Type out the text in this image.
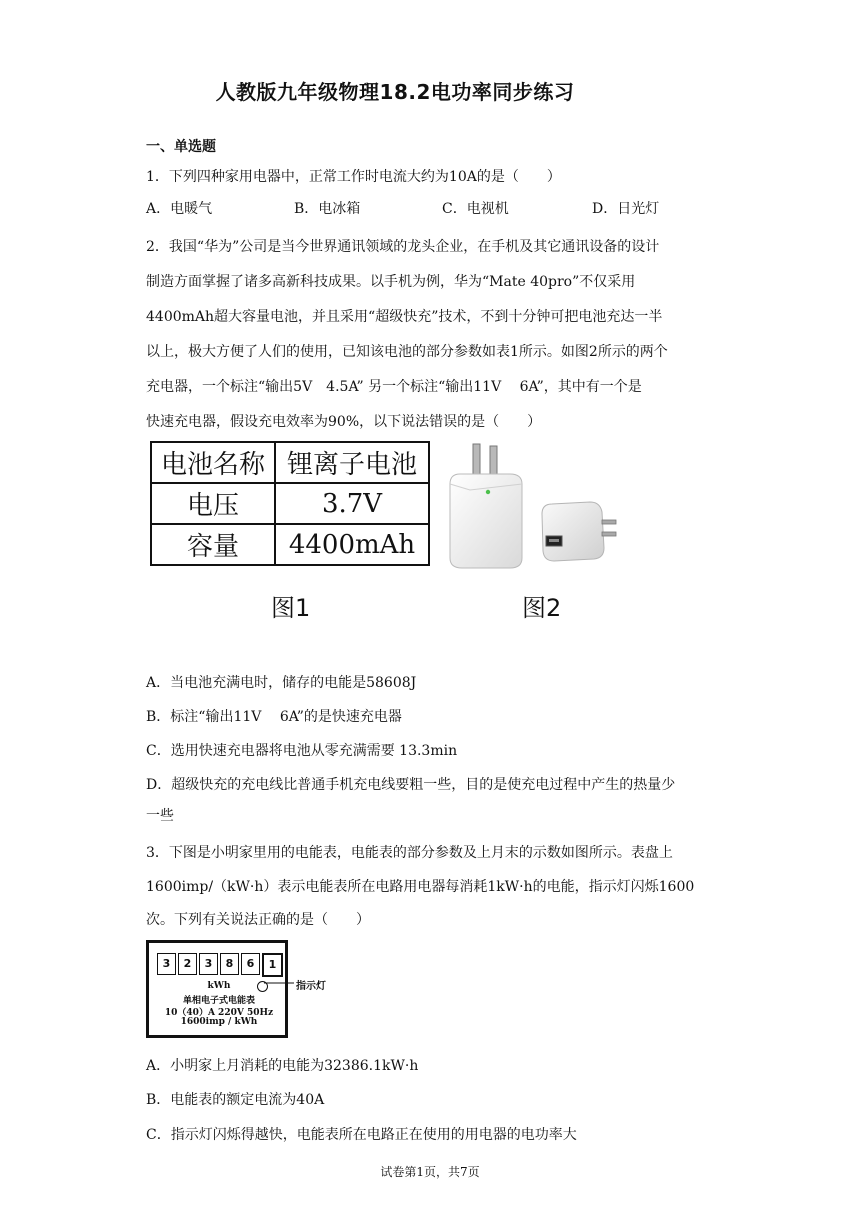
人教版九年级物理18.2电功率同步练习
一、单选题
1．下列四种家用电器中，正常工作时电流大约为10A的是（　　）
A．电暖气	B．电冰箱	C．电视机	D．日光灯
2．我国“华为”公司是当今世界通讯领域的龙头企业，在手机及其它通讯设备的设计
制造方面掌握了诸多高新科技成果。以手机为例，华为“Mate 40pro”不仅采用
4400mAh超大容量电池，并且采用“超级快充”技术，不到十分钟可把电池充达一半
以上，极大方便了人们的使用，已知该电池的部分参数如表1所示。如图2所示的两个
充电器，一个标注“输出5V　4.5A” 另一个标注“输出11V　 6A”，其中有一个是
快速充电器，假设充电效率为90%，以下说法错误的是（　　）
电池名称	锂离子电池
电压	3.7V
容量	4400mAh
图1	图2
A．当电池充满电时，储存的电能是58608J
B．标注“输出11V　 6A”的是快速充电器
C．选用快速充电器将电池从零充满需要 13.3min
D．超级快充的充电线比普通手机充电线要粗一些，目的是使充电过程中产生的热量少
一些
3．下图是小明家里用的电能表，电能表的部分参数及上月末的示数如图所示。表盘上
1600imp/（kW·h）表示电能表所在电路用电器每消耗1kW·h的电能，指示灯闪烁1600
次。下列有关说法正确的是（　　）
3	2	3	8	6	1
kWh
单相电子式电能表
10（40）A 220V 50Hz
1600imp / kWh
指示灯
A．小明家上月消耗的电能为32386.1kW·h
B．电能表的额定电流为40A
C．指示灯闪烁得越快，电能表所在电路正在使用的用电器的电功率大
试卷第1页，共7页
